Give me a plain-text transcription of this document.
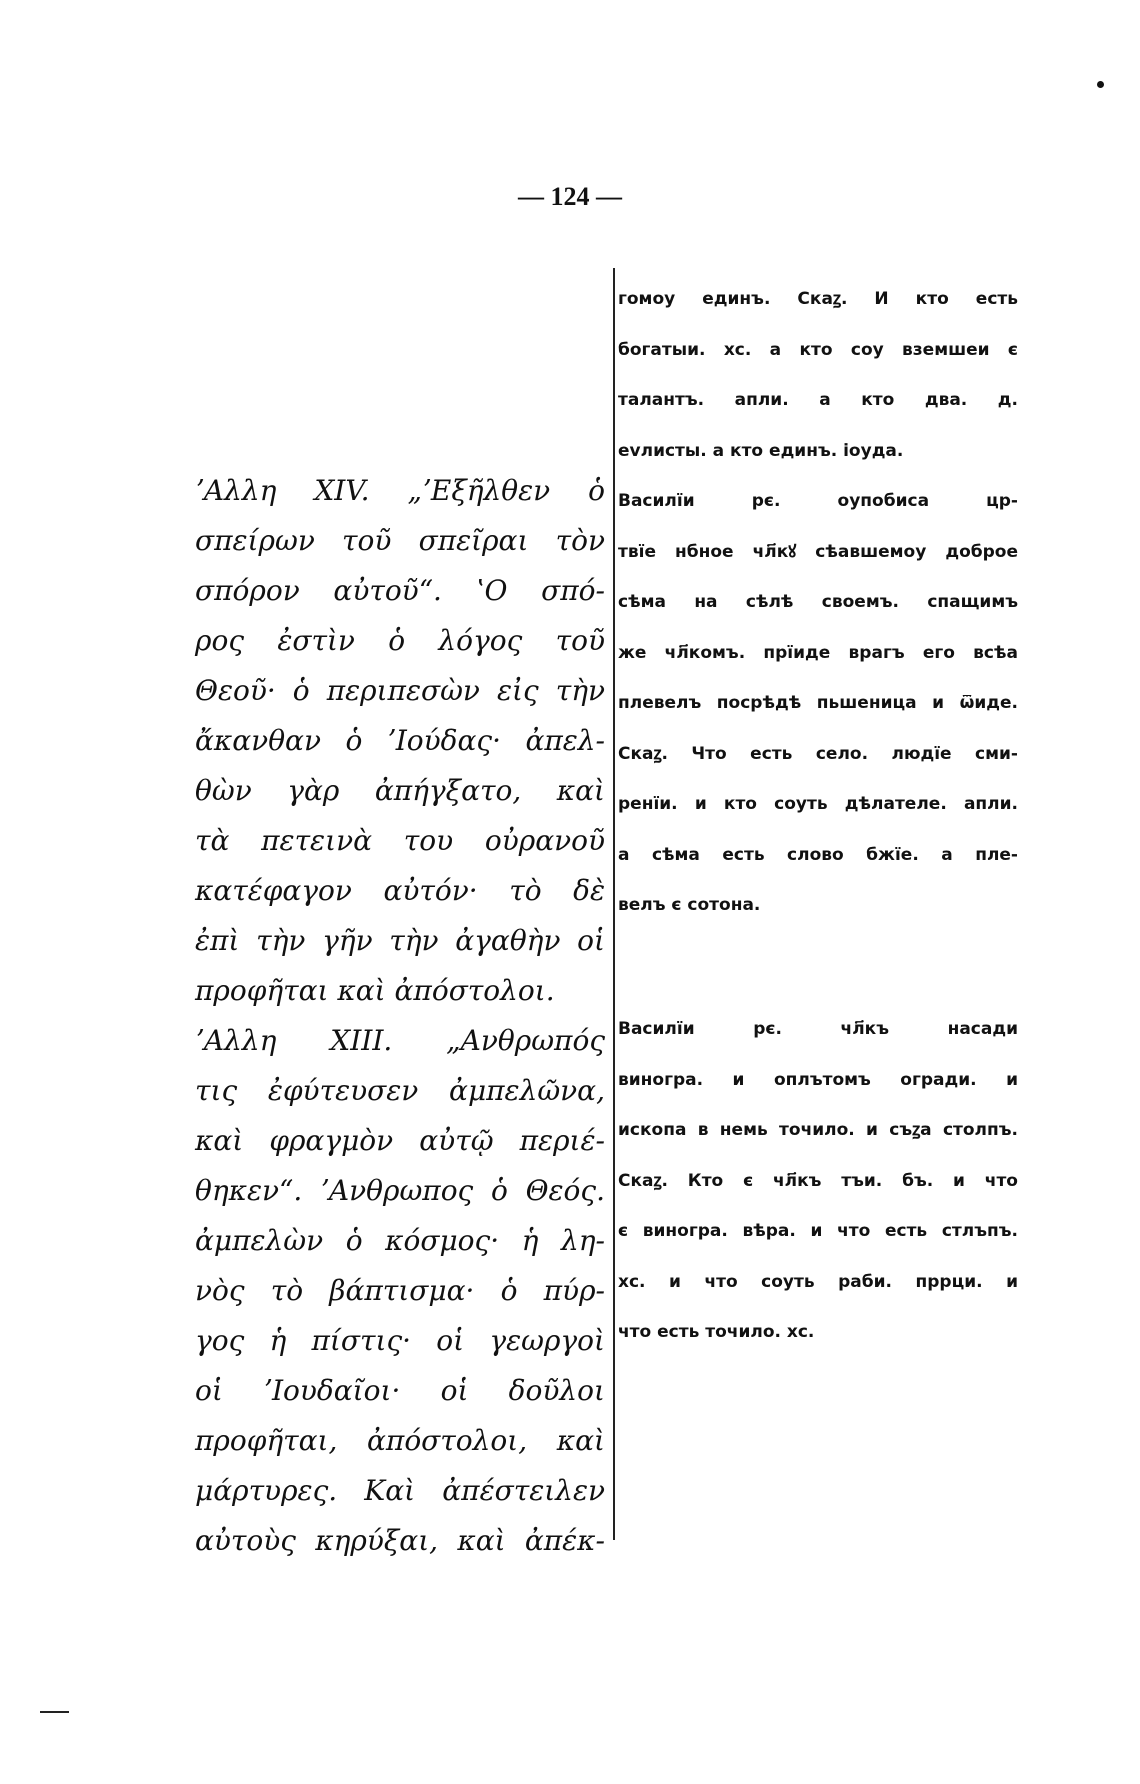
— 124 —
ʼΑλλη XIV. „ʼΕξῆλθεν ὁ
σπείρων τοῦ σπεῖραι τὸν
σπόρον αὐτοῦ“. ʽΟ σπό-
ρος ἐστὶν ὁ λόγος τοῦ
Θεοῦ· ὁ περιπεσὼν εἰς τὴν
ἄκανθαν ὁ ʼΙούδας· ἀπελ-
θὼν γὰρ ἀπήγξατο, καὶ
τὰ πετεινὰ του οὐρανοῦ
κατέφαγον αὐτόν· τὸ δὲ
ἐπὶ τὴν γῆν τὴν ἀγαθὴν οἱ
προφῆται καὶ ἀπόστολοι.
ʼΑλλη XIII. „Ανθρωπός
τις ἐφύτευσεν ἀμπελῶνα,
καὶ φραγμὸν αὐτῷ περιέ-
θηκεν“. ʼΑνθρωπος ὁ Θεός.
ἀμπελὼν ὁ κόσμος· ἡ λη-
νὸς τὸ βάπτισμα· ὁ πύρ-
γος ἡ πίστις· οἱ γεωργοὶ
οἱ ʼΙουδαῖοι· οἱ δοῦλοι
προφῆται, ἀπόστολοι, καὶ
μάρτυρες. Καὶ ἀπέστειλεν
αὐτοὺς κηρύξαι, καὶ ἀπέκ-
гомоу единъ. Скаꙁ. И кто есть
богатыи. хс. а кто соу вземшеи є
талантъ. апли. а кто два. д.
еvлисты. а кто единъ. іоуда.
Василїи рє. оупобиса цр-
твїе нбное чл҃кꙋ сѣавшемоу доброе
сѣма на сѣлѣ своемъ. спащимъ
же чл҃комъ. прїиде врагъ его всѣа
плевелъ посрѣдѣ пьшеница и ѿиде.
Скаꙁ. Что есть село. людїе сми-
ренїи. и кто соуть дѣлателе. апли.
а сѣма есть слово бжїе. а пле-
велъ є сотона.
Василїи рє. чл҃къ насади
виногра. и оплътомъ огради. и
ископа в немь точило. и съꙁа столпъ.
Скаꙁ. Кто є чл҃къ тъи. бъ. и что
є виногра. вѣра. и что есть стлъпъ.
хс. и что соуть раби. пррци. и
что есть точило. хс.
